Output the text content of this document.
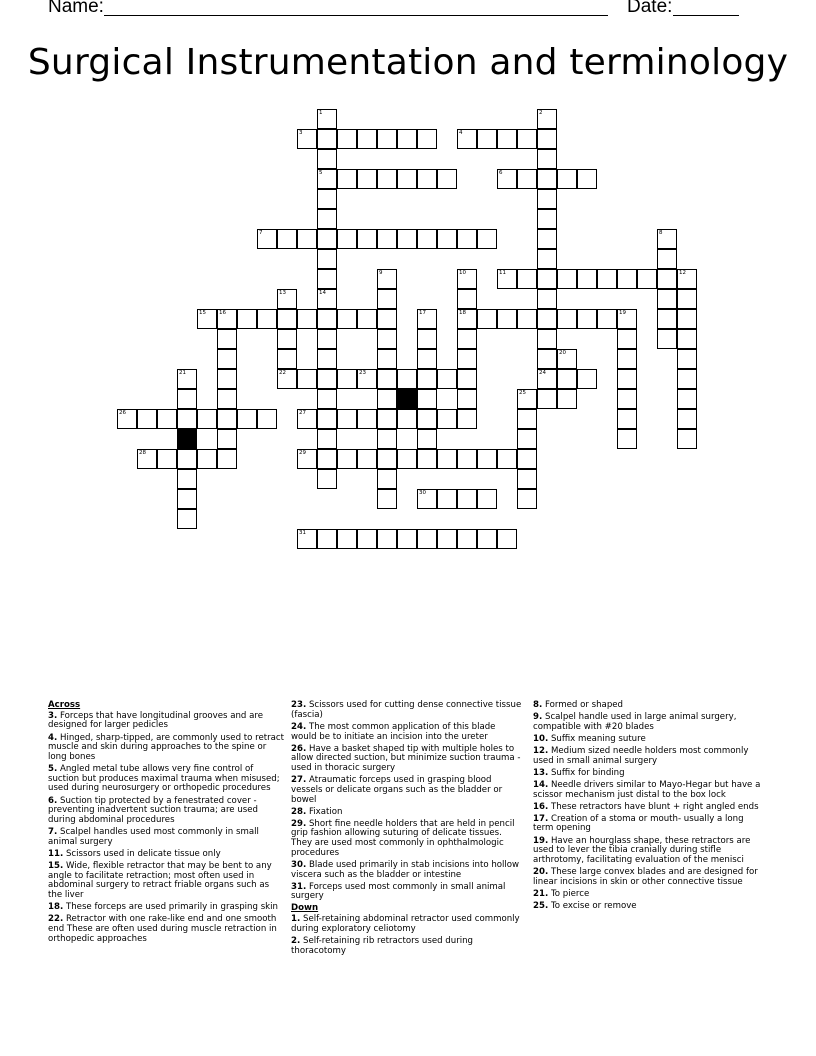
Name:	Date:
Surgical Instrumentation and terminology
1	2
3	4
5	6
7	8
9	10	11	12
13	14
15 16	17	18	19
20
21	22	23	24
25
26	27
28	29
30
31
Across
3. Forceps that have longitudinal grooves and are designed for larger pedicles
4. Hinged, sharp-tipped, are commonly used to retract muscle and skin during approaches to the spine or long bones
5. Angled metal tube allows very fine control of suction but produces maximal trauma when misused; used during neurosurgery or orthopedic procedures
6. Suction tip protected by a fenestrated cover -preventing inadvertent suction trauma; are used during abdominal procedures
7. Scalpel handles used most commonly in small animal surgery
11. Scissors used in delicate tissue only
15. Wide, flexible retractor that may be bent to any angle to facilitate retraction; most often used in abdominal surgery to retract friable organs such as the liver
18. These forceps are used primarily in grasping skin
22. Retractor with one rake-like end and one smooth end These are often used during muscle retraction in orthopedic approaches
23. Scissors used for cutting dense connective tissue (fascia)
24. The most common application of this blade would be to initiate an incision into the ureter
26. Have a basket shaped tip with multiple holes to allow directed suction, but minimize suction trauma - used in thoracic surgery
27. Atraumatic forceps used in grasping blood vessels or delicate organs such as the bladder or bowel
28. Fixation
29. Short fine needle holders that are held in pencil grip fashion allowing suturing of delicate tissues. They are used most commonly in ophthalmologic procedures
30. Blade used primarily in stab incisions into hollow viscera such as the bladder or intestine
31. Forceps used most commonly in small animal surgery
Down
1. Self-retaining abdominal retractor used commonly during exploratory celiotomy
2. Self-retaining rib retractors used during thoracotomy
8. Formed or shaped
9. Scalpel handle used in large animal surgery, compatible with #20 blades
10. Suffix meaning suture
12. Medium sized needle holders most commonly used in small animal surgery
13. Suffix for binding
14. Needle drivers similar to Mayo-Hegar but have a scissor mechanism just distal to the box lock
16. These retractors have blunt + right angled ends
17. Creation of a stoma or mouth- usually a long term opening
19. Have an hourglass shape, these retractors are used to lever the tibia cranially during stifle arthrotomy, facilitating evaluation of the menisci
20. These large convex blades and are designed for linear incisions in skin or other connective tissue
21. To pierce
25. To excise or remove
